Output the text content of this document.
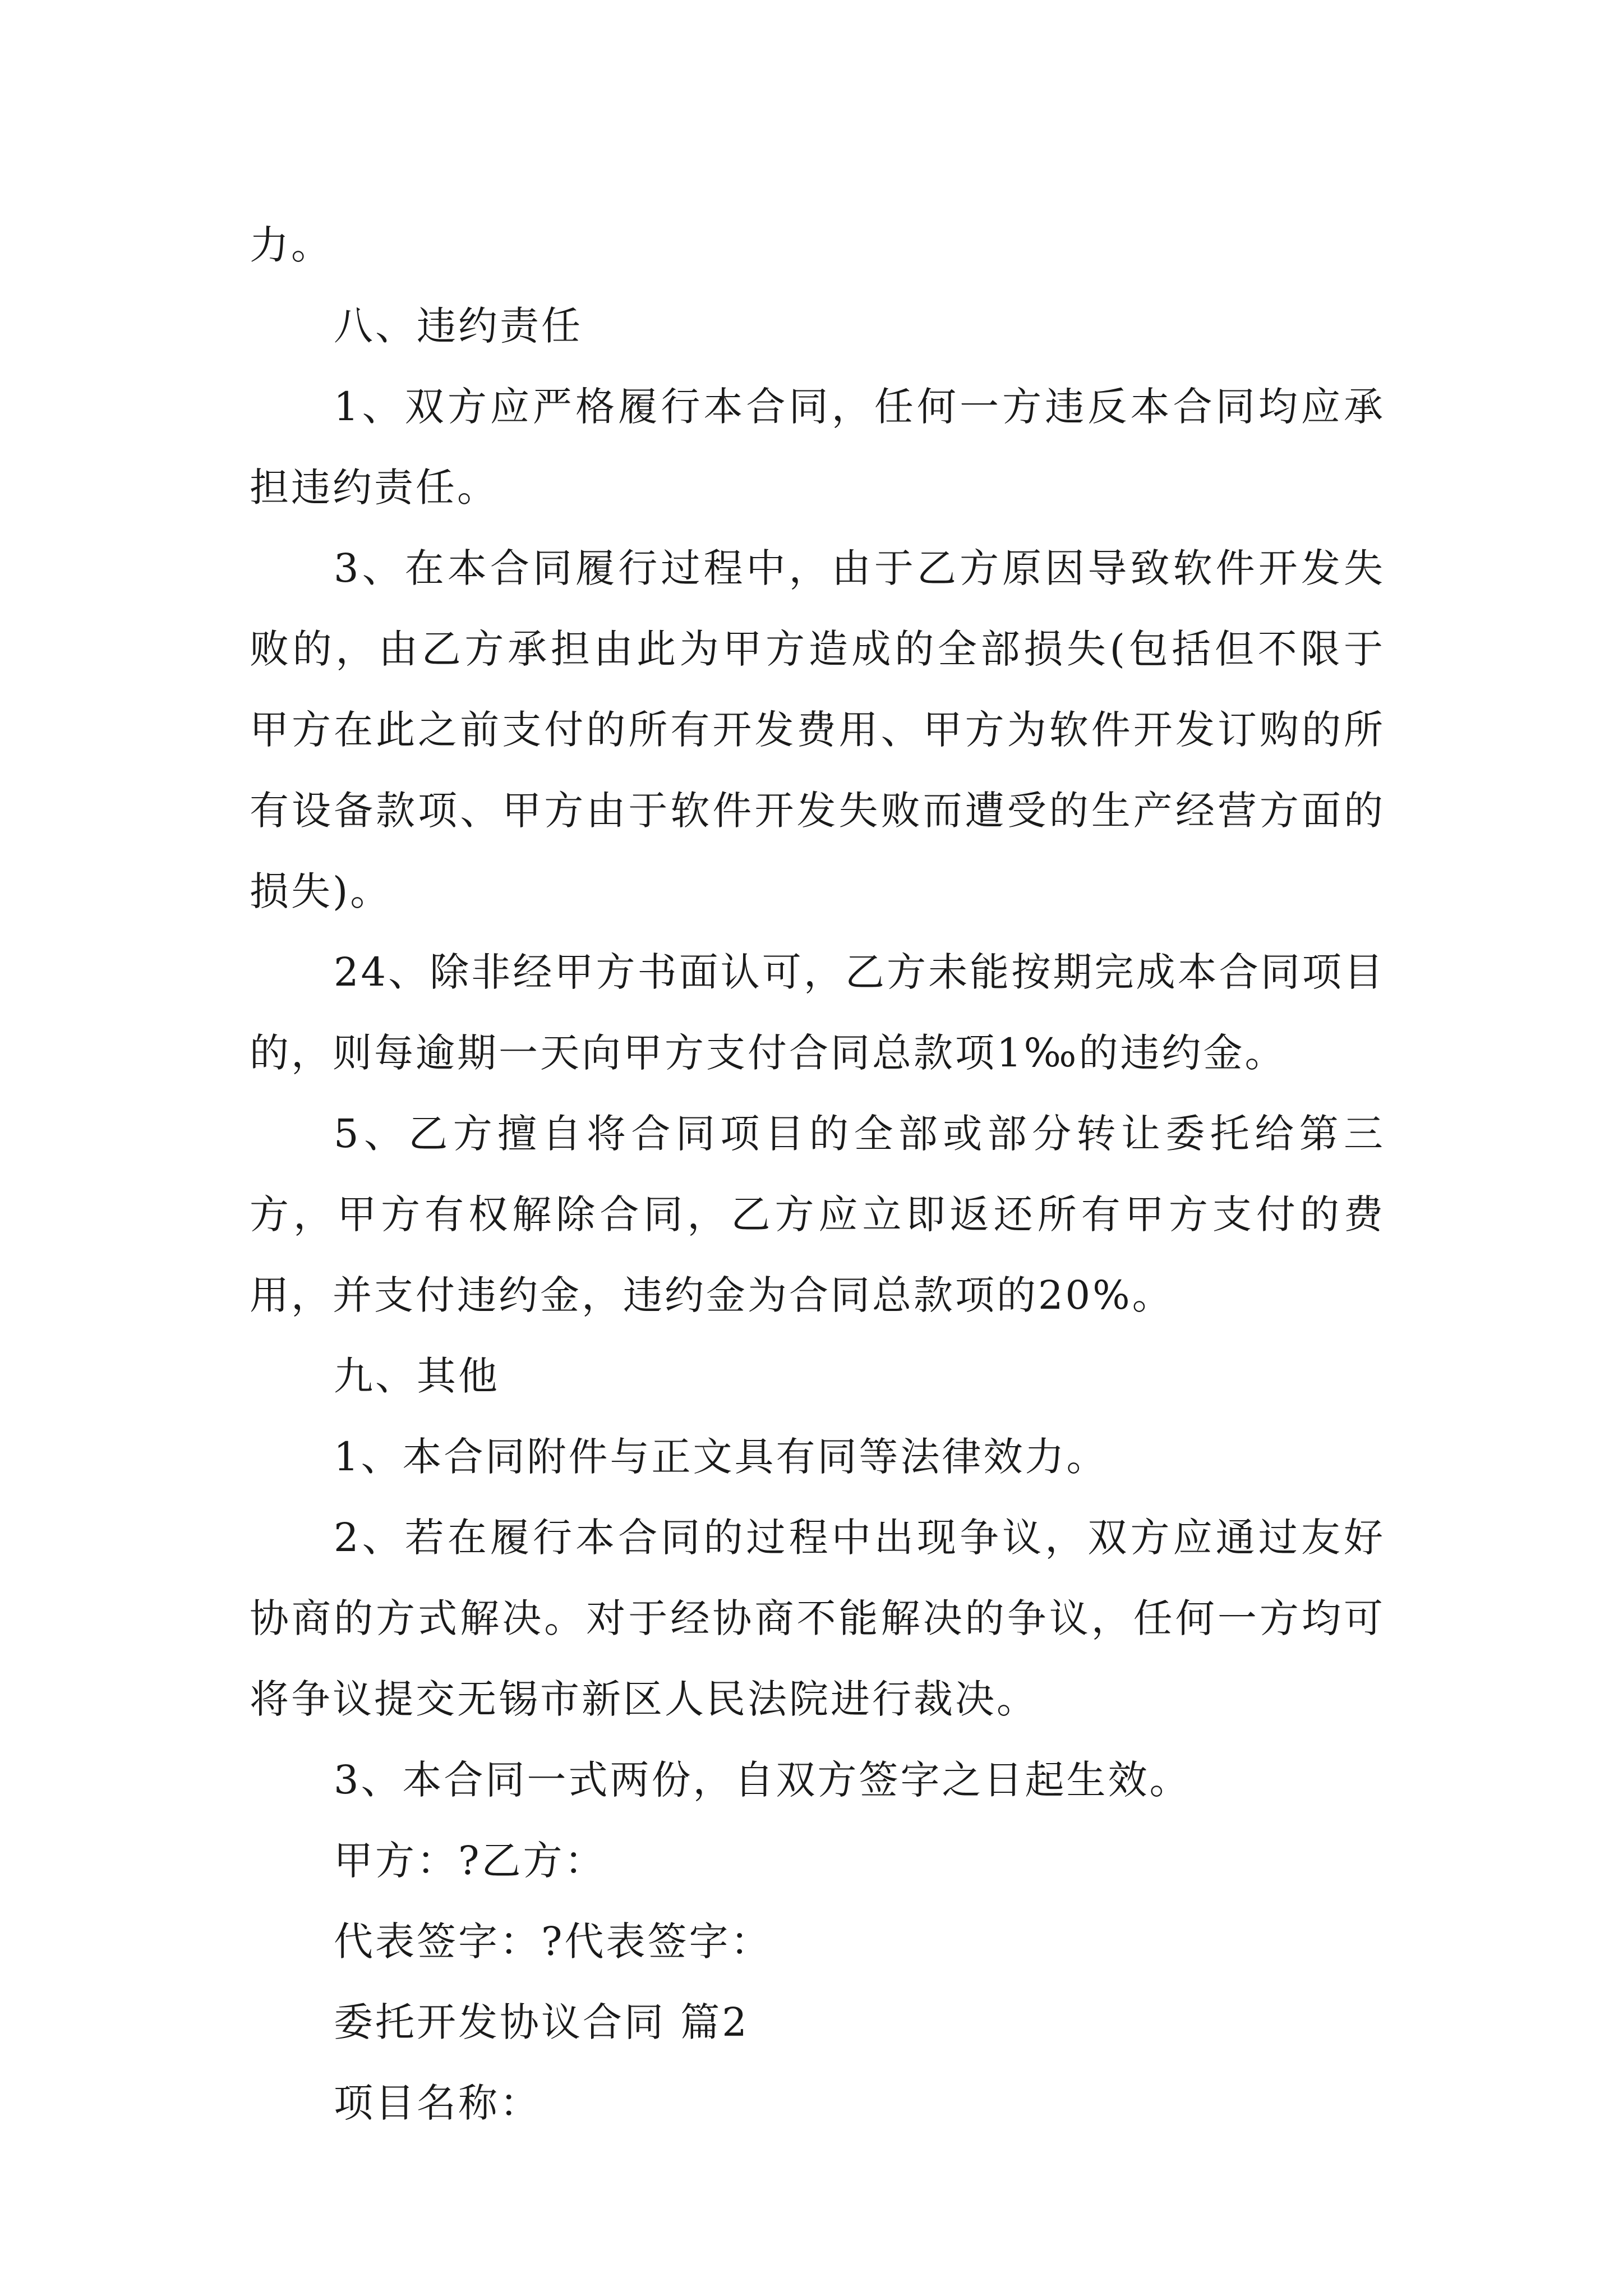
力。

八、违约责任

1、双方应严格履行本合同，任何一方违反本合同均应承担违约责任。

3、在本合同履行过程中，由于乙方原因导致软件开发失败的，由乙方承担由此为甲方造成的全部损失(包括但不限于甲方在此之前支付的所有开发费用、甲方为软件开发订购的所有设备款项、甲方由于软件开发失败而遭受的生产经营方面的损失)。

24、除非经甲方书面认可，乙方未能按期完成本合同项目的，则每逾期一天向甲方支付合同总款项1‰的违约金。

5、乙方擅自将合同项目的全部或部分转让委托给第三方，甲方有权解除合同，乙方应立即返还所有甲方支付的费用，并支付违约金，违约金为合同总款项的20%。

九、其他

1、本合同附件与正文具有同等法律效力。

2、若在履行本合同的过程中出现争议，双方应通过友好协商的方式解决。对于经协商不能解决的争议，任何一方均可将争议提交无锡市新区人民法院进行裁决。

3、本合同一式两份，自双方签字之日起生效。

甲方：?乙方：

代表签字：?代表签字：

委托开发协议合同 篇2

项目名称：
